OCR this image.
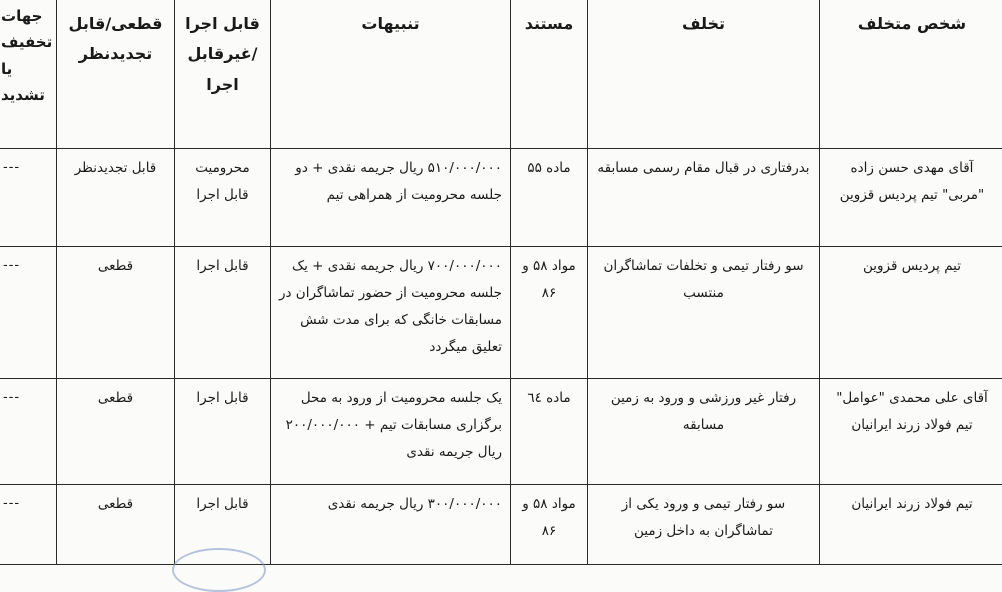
جهات تخفیف یا تشدید	قطعی/قابل تجدیدنظر	قابل اجرا /غیرقابل اجرا	تنبیهات	مستند	تخلف	شخص متخلف
---	قابل تجدیدنظر	محرومیت قابل اجرا	۵۱۰/۰۰۰/۰۰۰ ریال جریمه نقدی + دو جلسه محرومیت از همراهی تیم	ماده ۵۵	بدرفتاری در قبال مقام رسمی مسابقه	آقای مهدی حسن زاده "مربی" تیم پردیس قزوین
---	قطعی	قابل اجرا	۷۰۰/۰۰۰/۰۰۰ ریال جریمه نقدی + یک جلسه محرومیت از حضور تماشاگران در مسابقات خانگی که برای مدت شش تعلیق میگردد	مواد ۵۸ و ۸۶	سو رفتار تیمی و تخلفات تماشاگران منتسب	تیم پردیس قزوین
---	قطعی	قابل اجرا	یک جلسه محرومیت از ورود به محل برگزاری مسابقات تیم + ۲۰۰/۰۰۰/۰۰۰ ریال جریمه نقدی	ماده ٦٤	رفتار غیر ورزشی و ورود به زمین مسابقه	آقای علی محمدی "عوامل" تیم فولاد زرند ایرانیان
---	قطعی	قابل اجرا	۳۰۰/۰۰۰/۰۰۰ ریال جریمه نقدی	مواد ۵۸ و ۸۶	سو رفتار تیمی و ورود یکی از تماشاگران به داخل زمین	تیم فولاد زرند ایرانیان
